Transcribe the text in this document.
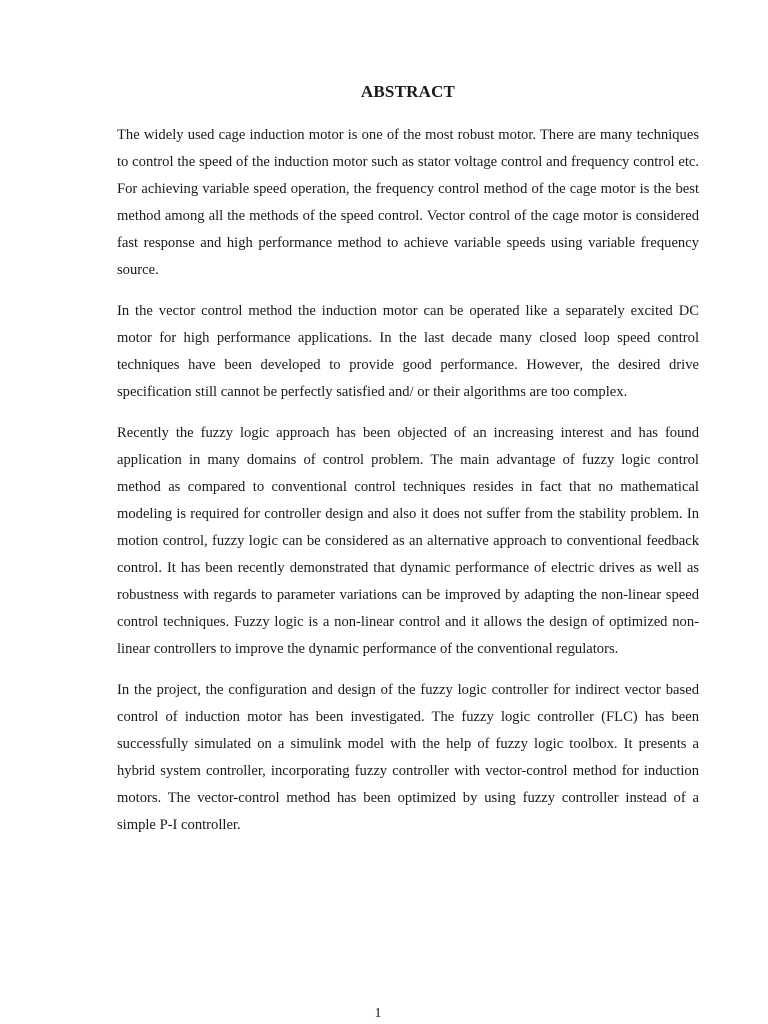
ABSTRACT

The widely used cage induction motor is one of the most robust motor. There are many techniques to control the speed of the induction motor such as stator voltage control and frequency control etc. For achieving variable speed operation, the frequency control method of the cage motor is the best method among all the methods of the speed control. Vector control of the cage motor is considered fast response and high performance method to achieve variable speeds using variable frequency source.

In the vector control method the induction motor can be operated like a separately excited DC motor for high performance applications. In the last decade many closed loop speed control techniques have been developed to provide good performance. However, the desired drive specification still cannot be perfectly satisfied and/ or their algorithms are too complex.

Recently the fuzzy logic approach has been objected of an increasing interest and has found application in many domains of control problem. The main advantage of fuzzy logic control method as compared to conventional control techniques resides in fact that no mathematical modeling is required for controller design and also it does not suffer from the stability problem. In motion control, fuzzy logic can be considered as an alternative approach to conventional feedback control. It has been recently demonstrated that dynamic performance of electric drives as well as robustness with regards to parameter variations can be improved by adapting the non-linear speed control techniques. Fuzzy logic is a non-linear control and it allows the design of optimized non-linear controllers to improve the dynamic performance of the conventional regulators.

In the project, the configuration and design of the fuzzy logic controller for indirect vector based control of induction motor has been investigated. The fuzzy logic controller (FLC) has been successfully simulated on a simulink model with the help of fuzzy logic toolbox. It presents a hybrid system controller, incorporating fuzzy controller with vector-control method for induction motors. The vector-control method has been optimized by using fuzzy controller instead of a simple P-I controller.

1
